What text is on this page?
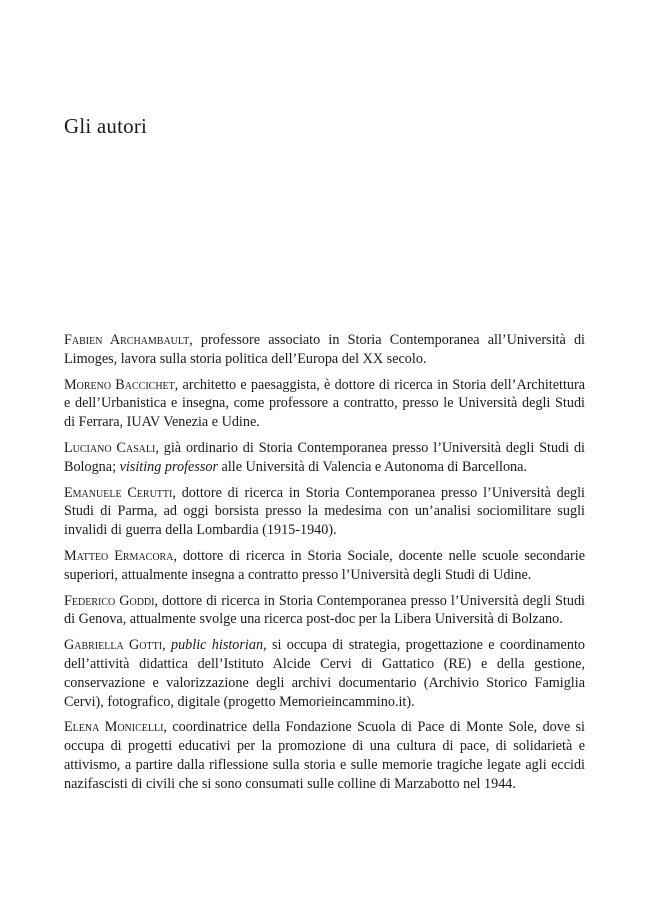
Gli autori

Fabien Archambault, professore associato in Storia Contemporanea all’Università di Limoges, lavora sulla storia politica dell’Europa del XX secolo.

Moreno Baccichet, architetto e paesaggista, è dottore di ricerca in Storia dell’Architettura e dell’Urbanistica e insegna, come professore a contratto, presso le Università degli Studi di Ferrara, IUAV Venezia e Udine.

Luciano Casali, già ordinario di Storia Contemporanea presso l’Università degli Studi di Bologna; visiting professor alle Università di Valencia e Autonoma di Barcellona.

Emanuele Cerutti, dottore di ricerca in Storia Contemporanea presso l’Università degli Studi di Parma, ad oggi borsista presso la medesima con un’analisi sociomilitare sugli invalidi di guerra della Lombardia (1915-1940).

Matteo Ermacora, dottore di ricerca in Storia Sociale, docente nelle scuole secondarie superiori, attualmente insegna a contratto presso l’Università degli Studi di Udine.

Federico Goddi, dottore di ricerca in Storia Contemporanea presso l’Università degli Studi di Genova, attualmente svolge una ricerca post-doc per la Libera Università di Bolzano.

Gabriella Gotti, public historian, si occupa di strategia, progettazione e coordinamento dell’attività didattica dell’Istituto Alcide Cervi di Gattatico (RE) e della gestione, conservazione e valorizzazione degli archivi documentario (Archivio Storico Famiglia Cervi), fotografico, digitale (progetto Memorieincammino.it).

Elena Monicelli, coordinatrice della Fondazione Scuola di Pace di Monte Sole, dove si occupa di progetti educativi per la promozione di una cultura di pace, di solidarietà e attivismo, a partire dalla riflessione sulla storia e sulle memorie tragiche legate agli eccidi nazifascisti di civili che si sono consumati sulle colline di Marzabotto nel 1944.
